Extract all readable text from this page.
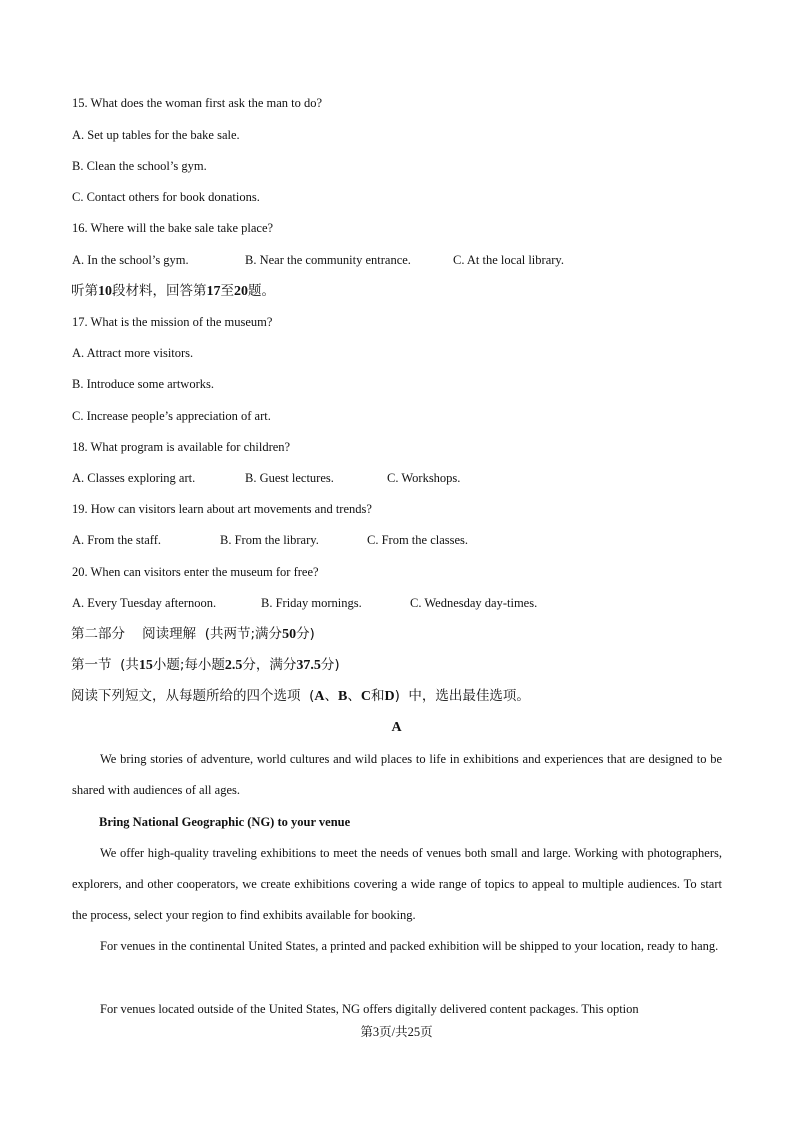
15. What does the woman first ask the man to do?
A. Set up tables for the bake sale.
B. Clean the school’s gym.
C. Contact others for book donations.
16. Where will the bake sale take place?
A. In the school’s gym.	B. Near the community entrance.	C. At the local library.
听第10段材料，回答第17至20题。
17. What is the mission of the museum?
A. Attract more visitors.
B. Introduce some artworks.
C. Increase people’s appreciation of art.
18. What program is available for children?
A. Classes exploring art.	B. Guest lectures.	C. Workshops.
19. How can visitors learn about art movements and trends?
A. From the staff.	B. From the library.	C. From the classes.
20. When can visitors enter the museum for free?
A. Every Tuesday afternoon.	B. Friday mornings.	C. Wednesday day-times.
第二部分    阅读理解  (共两节;满分50分)
第一节  (共15小题;每小题2.5分，满分37.5分)
阅读下列短文，从每题所给的四个选项  (A、B、C和D)  中，选出最佳选项。
A
We bring stories of adventure, world cultures and wild places to life in exhibitions and experiences that are designed to be shared with audiences of all ages.
Bring National Geographic (NG) to your venue
We offer high-quality traveling exhibitions to meet the needs of venues both small and large. Working with photographers, explorers, and other cooperators, we create exhibitions covering a wide range of topics to appeal to multiple audiences. To start the process, select your region to find exhibits available for booking.
For venues in the continental United States, a printed and packed exhibition will be shipped to your location, ready to hang.
For venues located outside of the United States, NG offers digitally delivered content packages. This option
第3页/共25页
